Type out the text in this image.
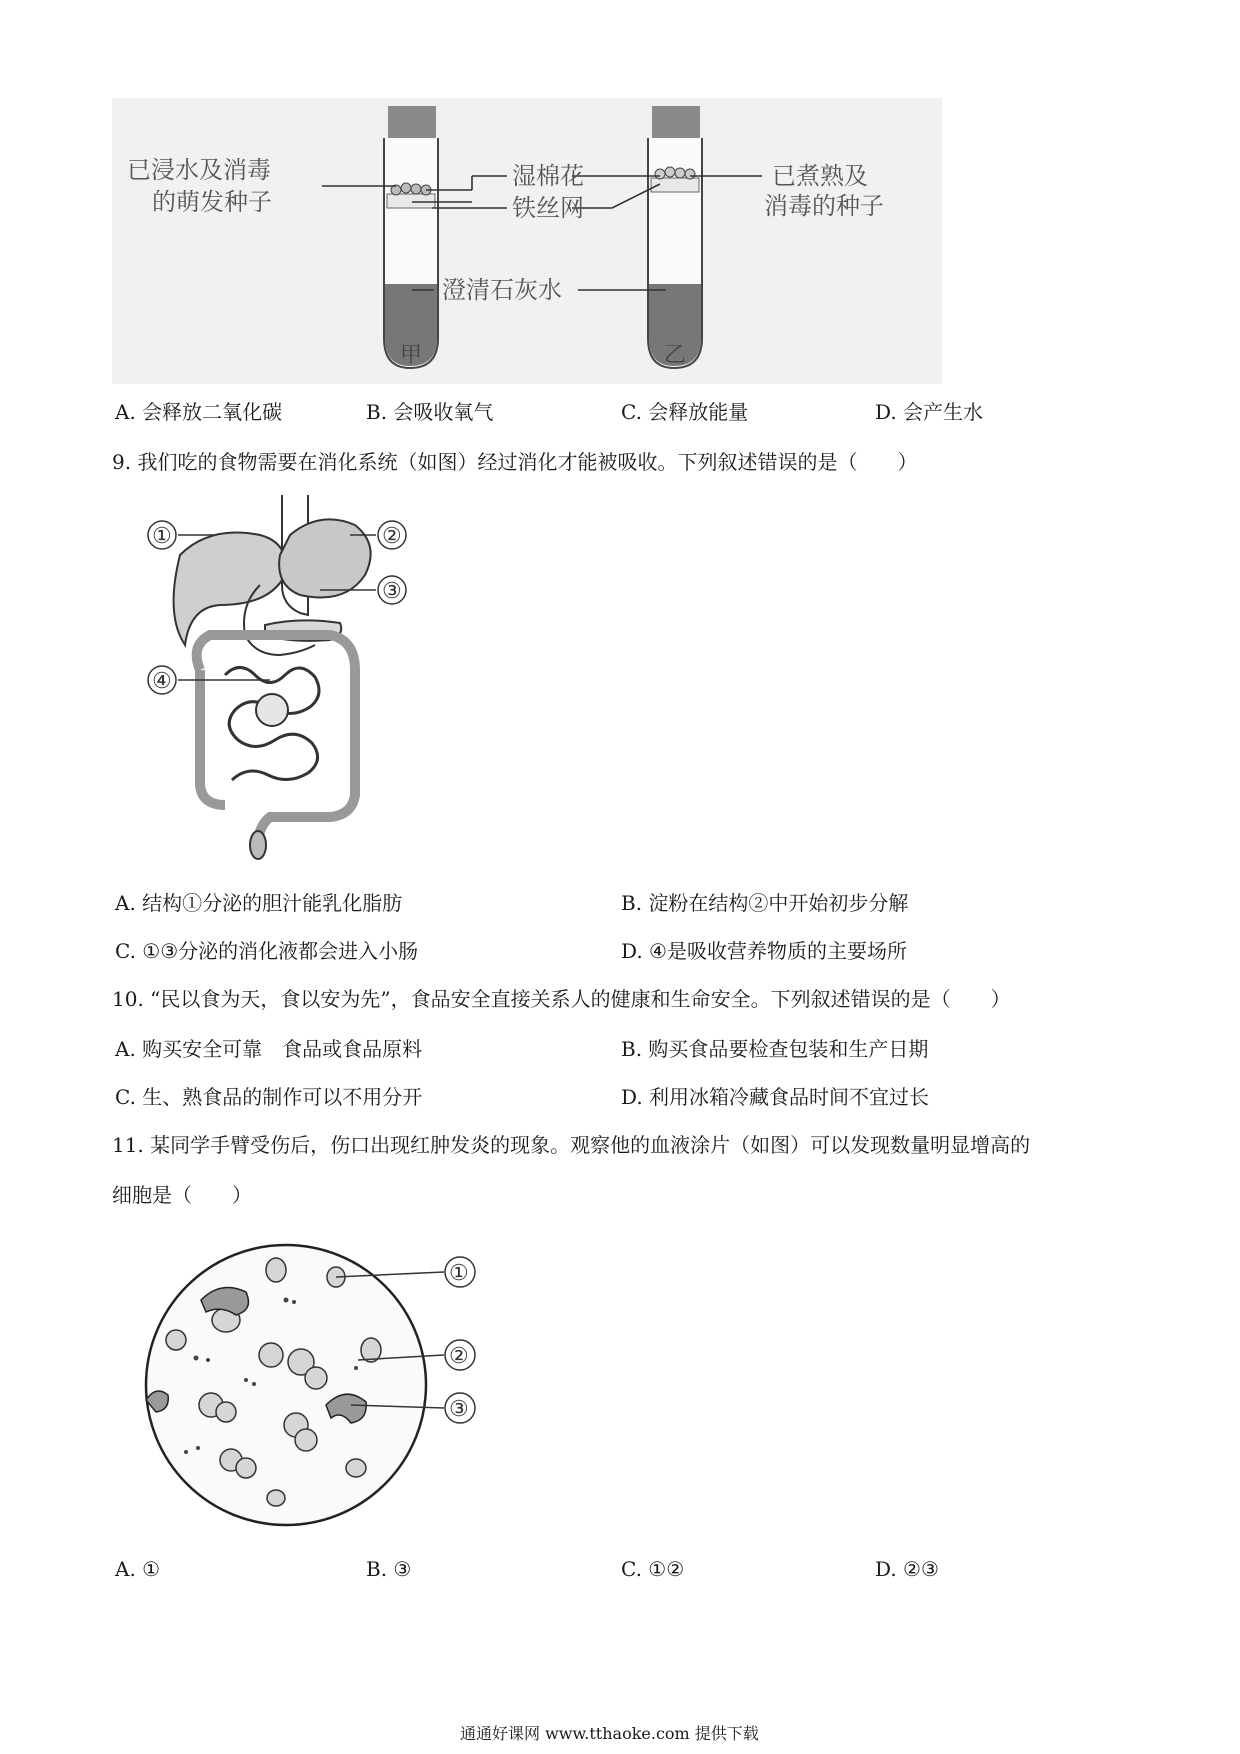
已浸水及消毒
的萌发种子
湿棉花
铁丝网
澄清石灰水
已煮熟及
消毒的种子
甲	乙
A. 会释放二氧化碳	B. 会吸收氧气	C. 会释放能量	D. 会产生水
9. 我们吃的食物需要在消化系统（如图）经过消化才能被吸收。下列叙述错误的是（　　）
①	②
③
④
A. 结构①分泌的胆汁能乳化脂肪	B. 淀粉在结构②中开始初步分解
C. ①③分泌的消化液都会进入小肠	D. ④是吸收营养物质的主要场所
10. “民以食为天，食以安为先”，食品安全直接关系人的健康和生命安全。下列叙述错误的是（　　）
A. 购买安全可靠　食品或食品原料	B. 购买食品要检查包装和生产日期
C. 生、熟食品的制作可以不用分开	D. 利用冰箱冷藏食品时间不宜过长
11. 某同学手臂受伤后，伤口出现红肿发炎的现象。观察他的血液涂片（如图）可以发现数量明显增高的
细胞是（　　）
①
②
③
A. ①	B. ③	C. ①②	D. ②③
通通好课网 www.tthaoke.com 提供下载
